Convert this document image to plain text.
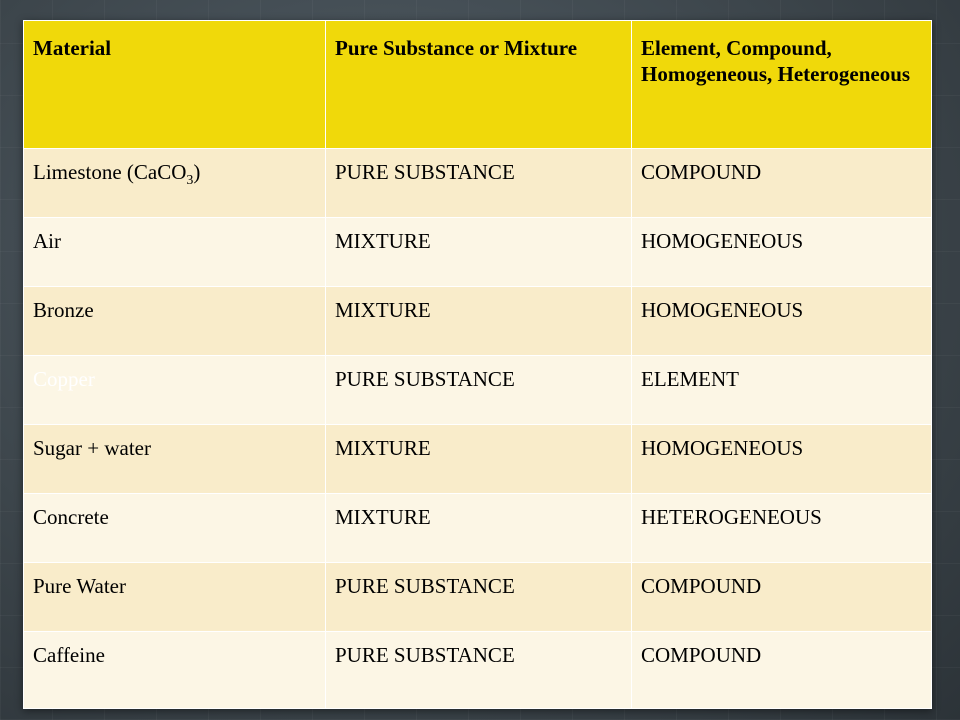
Material	Pure Substance or Mixture	Element, Compound, Homogeneous, Heterogeneous
Limestone (CaCO$_3$)	PURE SUBSTANCE	COMPOUND
Air	MIXTURE	HOMOGENEOUS
Bronze	MIXTURE	HOMOGENEOUS
Copper	PURE SUBSTANCE	ELEMENT
Sugar + water	MIXTURE	HOMOGENEOUS
Concrete	MIXTURE	HETEROGENEOUS
Pure Water	PURE SUBSTANCE	COMPOUND
Caffeine	PURE SUBSTANCE	COMPOUND
